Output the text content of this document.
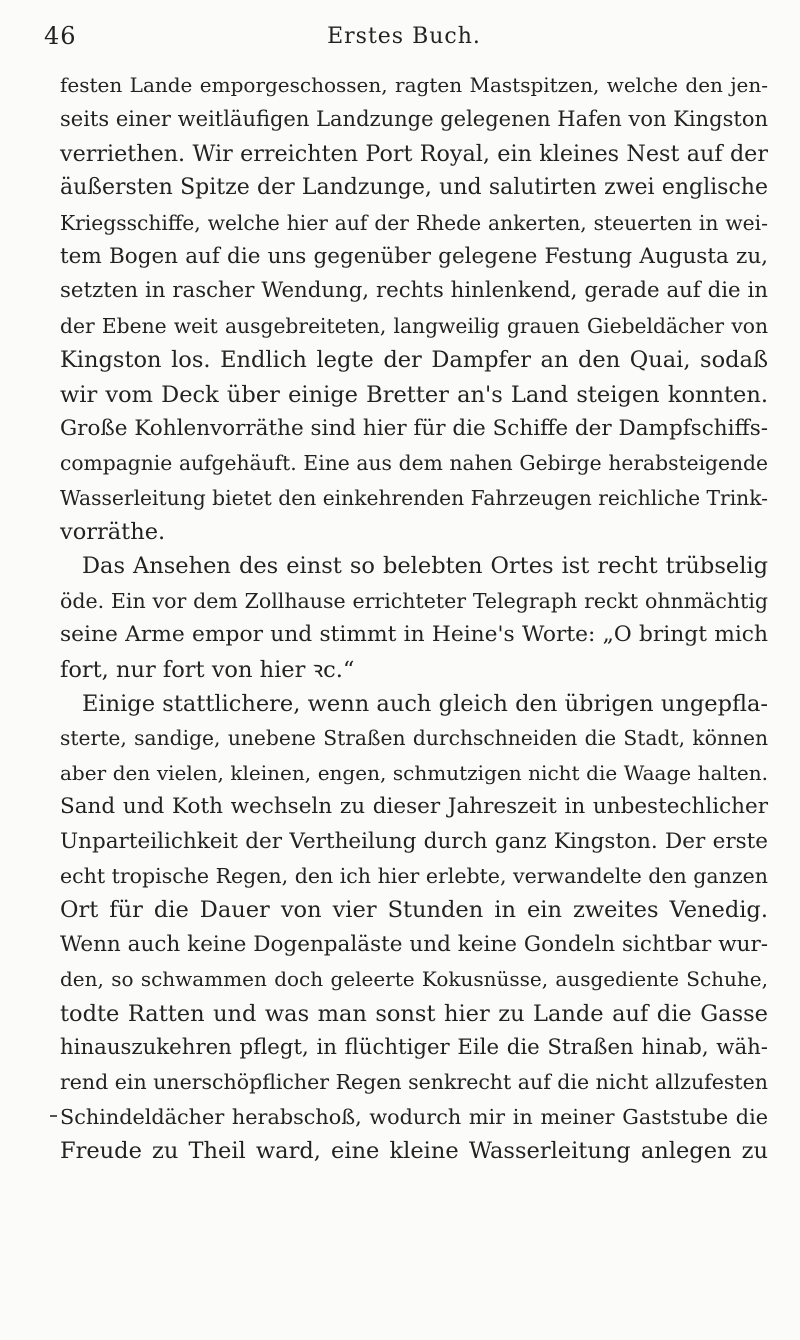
46	Erstes Buch.
festen Lande emporgeschossen, ragten Mastspitzen, welche den jen-
seits einer weitläufigen Landzunge gelegenen Hafen von Kingston
verriethen. Wir erreichten Port Royal, ein kleines Nest auf der
äußersten Spitze der Landzunge, und salutirten zwei englische
Kriegsschiffe, welche hier auf der Rhede ankerten, steuerten in wei-
tem Bogen auf die uns gegenüber gelegene Festung Augusta zu,
setzten in rascher Wendung, rechts hinlenkend, gerade auf die in
der Ebene weit ausgebreiteten, langweilig grauen Giebeldächer von
Kingston los. Endlich legte der Dampfer an den Quai, sodaß
wir vom Deck über einige Bretter an's Land steigen konnten.
Große Kohlenvorräthe sind hier für die Schiffe der Dampfschiffs-
compagnie aufgehäuft. Eine aus dem nahen Gebirge herabsteigende
Wasserleitung bietet den einkehrenden Fahrzeugen reichliche Trink-
vorräthe.
Das Ansehen des einst so belebten Ortes ist recht trübselig
öde. Ein vor dem Zollhause errichteter Telegraph reckt ohnmächtig
seine Arme empor und stimmt in Heine's Worte: „O bringt mich
fort, nur fort von hier ꝛc.“
Einige stattlichere, wenn auch gleich den übrigen ungepfla-
sterte, sandige, unebene Straßen durchschneiden die Stadt, können
aber den vielen, kleinen, engen, schmutzigen nicht die Waage halten.
Sand und Koth wechseln zu dieser Jahreszeit in unbestechlicher
Unparteilichkeit der Vertheilung durch ganz Kingston. Der erste
echt tropische Regen, den ich hier erlebte, verwandelte den ganzen
Ort für die Dauer von vier Stunden in ein zweites Venedig.
Wenn auch keine Dogenpaläste und keine Gondeln sichtbar wur-
den, so schwammen doch geleerte Kokusnüsse, ausgediente Schuhe,
todte Ratten und was man sonst hier zu Lande auf die Gasse
hinauszukehren pflegt, in flüchtiger Eile die Straßen hinab, wäh-
rend ein unerschöpflicher Regen senkrecht auf die nicht allzufesten
Schindeldächer herabschoß, wodurch mir in meiner Gaststube die
Freude zu Theil ward, eine kleine Wasserleitung anlegen zu
